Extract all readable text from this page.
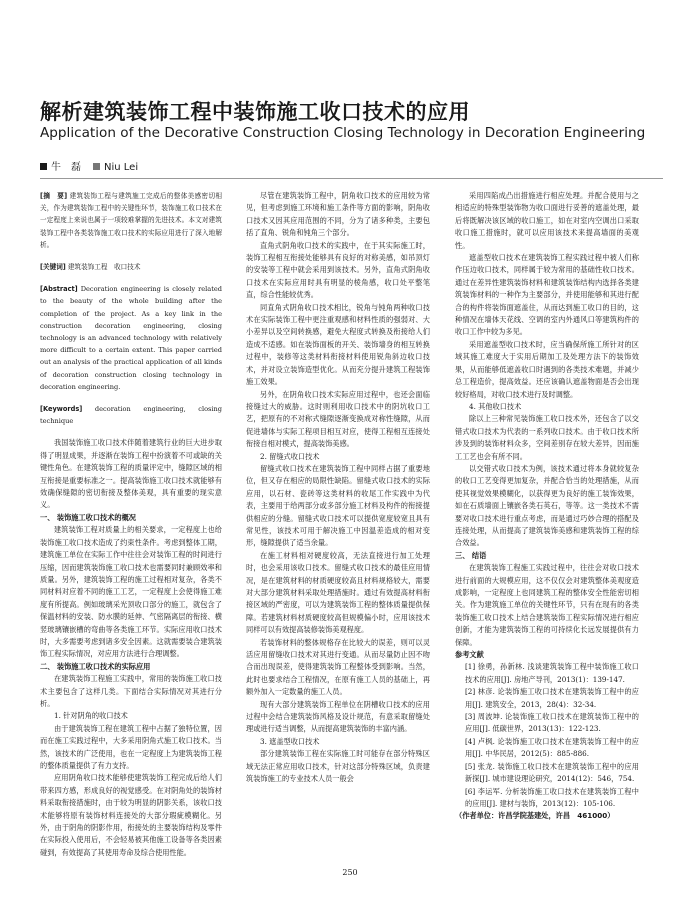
解析建筑装饰工程中装饰施工收口技术的应用
Application of the Decorative Construction Closing Technology in Decoration Engineering
牛　磊 Niu Lei

[摘　要] 建筑装饰工程与建筑施工完成后的整体美感密切相关，作为建筑装饰工程中的关键性环节，装饰施工收口技术在一定程度上来说也属于一项较难掌握的先进技术。本文对建筑装饰工程中各类装饰施工收口技术的实际应用进行了深入地解析。

[关键词] 建筑装饰工程　收口技术

[Abstract] Decoration engineering is closely related to the beauty of the whole building after the completion of the project. As a key link in the construction decoration engineering, closing technology is an advanced technology with relatively more difficult to a certain extent. This paper carried out an analysis of the practical application of all kinds of decoration construction closing technology in decoration engineering.

[Keywords] decoration engineering, closing technique

我国装饰施工收口技术伴随着建筑行业的巨大进步取得了明显成果，并逐渐在装饰工程中扮演着不可或缺的关键性角色。在建筑装饰工程的质量评定中，缝隙区域的相互衔接是重要标准之一。提高装饰施工收口技术就能够有效确保缝隙的密切衔接及整体美观，具有重要的现实意义。

一、 装饰施工收口技术的概况

建筑装饰工程对质量上的相关要求，一定程度上也给装饰施工收口技术造成了约束性条件。考虑到整体工期，建筑施工单位在实际工作中往往会对装饰工程的时间进行压缩，因而建筑装饰施工收口技术也需要同时兼顾效率和质量。另外，建筑装饰工程的施工过程相对复杂，各类不同材料对应着不同的施工工艺，一定程度上会使得施工难度有所提高。例如玻璃采光顶收口部分的施工，就包含了保温材料的安装、防水膜的延伸、气密隔离层的衔接、横竖玻璃镶嵌槽的弯曲等各类施工环节。实际应用收口技术时，大多需要考虑到诸多安全因素。这就需要装合建筑装饰工程实际情况，对应用方法进行合理调整。

二、 装饰施工收口技术的实际应用

在建筑装饰工程施工实践中，常用的装饰施工收口技术主要包含了这样几类。下面结合实际情况对其进行分析。

1. 针对阴角的收口技术

由于建筑装饰工程在建筑工程中占据了独特位置，因而在施工实践过程中，大多采用阴角式施工收口技术。当然，该技术的广泛使用，也在一定程度上为建筑装饰工程的整体质量提供了有力支持。

应用阴角收口技术能够使建筑装饰工程完成后给人们带来四方感，形成良好的视觉感受。在对阴角处的装饰材料采取衔接措施时，由于较为明显的阴影关系，该收口技术能够将原有装饰材料连接处的大部分瑕疵模糊化。另外，由于阴角的阴影作用，衔接处的主要装饰结构及零件在实际投入使用后，不会轻易被其他施工设备等各类因素碰到，有效提高了其使用寿命及综合使用性能。

尽管在建筑装饰工程中，阴角收口技术的应用较为常见，但考虑到施工环境和施工条件等方面的影响，阴角收口技术又因其应用范围的不同，分为了诸多种类，主要包括了直角、锐角和钝角三个部分。

直角式阴角收口技术的实践中，在于其实际施工时，装饰工程相互衔接处能够具有良好的对称美感，如吊顶灯的安装等工程中就会采用到该技术。另外，直角式阴角收口技术在实际应用时具有明显的棱角感，收口处平整笔直，综合性能较优秀。

同直角式阴角收口技术相比，锐角与钝角两种收口技术在实际装饰工程中更注重观感和材料性质的强弱对、大小差异以及空间转换感，避免大程度式转换及衔接给人们造成不适感。如在装饰面板的开关、装饰墙身的相互转换过程中，装修等这类材料衔接材料使用锐角斜边收口技术，并对设立装饰造型优化。从而充分提升建筑工程装饰施工效果。

另外，在阴角收口技术实际应用过程中，也还会面临接缝过大的威胁。这时则利用收口技术中的阴坑收口工艺，把原有的不对称式缝隙逐渐变换成对称性缝隙，从而促进墙体与实际工程项目相互对应，使得工程相互连接处衔接自相对模式，提高装饰美感。

2. 留缝式收口技术

留缝式收口技术在建筑装饰工程中同样占据了重要地位，但又存在相应的局限性缺陷。留缝式收口技术的实际应用，以石材、瓷砖等这类材料的收尾工作实践中为代表，主要用于给两部分或多部分施工材料及构件的衔接提供相应的分缝。留缝式收口技术可以提供宽度较宽且具有常见性，该技术可用于解决施工中因温差造成的相对变形，缝隙提供了适当余量。

在施工材料相对硬度较高，无法直接进行加工处理时，也会采用该收口技术。留缝式收口技术的最佳应用情况，是在建筑材料的材质硬度较高且材料规格较大，需要对大部分建筑材料采取处理措施时。通过有效提高材料衔接区域的严密度，可以为建筑装饰工程的整体质量提供保障。若建筑材料材质硬度较高但规模偏小时，应用该技术同样可以有效提高装修装饰美观程度。

若装饰材料的整体规格存在比较大的误差，则可以灵活应用留缝收口技术对其进行变通。从而尽量防止因不吻合而出现误差，使得建筑装饰工程整体受到影响。当然，此时也要求结合工程情况，在原有施工人员的基础上，再额外加入一定数量的施工人员。

现有大部分建筑装饰工程单位在阴槽收口技术的应用过程中会结合建筑装饰风格及设计规范，有意采取留缝处理或进行适当调整，从而提高建筑装饰的丰富内涵。

3. 遮盖型收口技术

部分建筑装饰工程在实际施工时可能存在部分特殊区域无法正常应用收口技术，针对这部分特殊区域，负责建筑装饰施工的专业技术人员一般会

采用四陷成凸出措施进行相应处理。并配合使用与之相适应的特殊型装饰物为收口面进行妥善的遮盖处理，最后将既解决该区域的收口施工，如在对室内空调出口采取收口施工措施时，就可以应用该技术来提高墙面的美观性。

遮盖型收口技术在建筑装饰工程实践过程中被人们称作压边收口技术，同样属于较为常用的基础性收口技术。通过在差异性建筑装饰材料和建筑装饰结构内选择各类建筑装饰材料的一种作为主要部分，并使用能够和其进行配合的构件将装饰面遮盖住，从而达到施工收口的目的，这种情况在墙体天花线、空调的室内外通风口等建筑构件的收口工作中较为多见。

采用遮盖型收口技术时，应当确保所施工所针对的区域其施工难度大于实用后期加工及处理方法下的装饰效果，从而能够低遮盖收口时遇到的各类技术难题，并减少总工程造价，提高效益。还应该确认遮盖物面是否会出现较好格局，对收口技术进行及时调整。

4. 其他收口技术

除以上三种常见装饰施工收口技术外，还包含了以交错式收口技术为代表的一系列收口技术。由于收口技术所涉及到的装饰材料众多，空间差别存在较大差异，因而施工工艺也会有所不同。

以交错式收口技术为例，该技术通过将本身就较复杂的收口工艺变得更加复杂，并配合恰当的处理措施，从而使其视觉效果模糊化，以获得更为良好的施工装饰效果，如在石质墙面上镶嵌各类石英石，等等。这一类技术不需要对收口技术进行重点考虑，而是通过巧妙合理的搭配及连接处理，从而提高了建筑装饰美感和建筑装饰工程的综合效益。

三、 结语

在建筑装饰工程施工实践过程中，往往会对收口技术进行前面的大规模应用，这不仅仅会对建筑整体美观度造成影响，一定程度上也同建筑工程的整体安全性能密切相关。作为建筑施工单位的关键性环节，只有在现有的各类装饰施工收口技术上结合建筑装饰工程实际情况进行相应创新，才能为建筑装饰工程的可持续化长远发展提供有力保障。

参考文献

[1] 徐勇，孙新林. 浅谈建筑装饰工程中装饰施工收口技术的应用[J]. 房地产导刊，2013(1)：139-147.

[2] 林彦. 论装饰施工收口技术在建筑装饰工程中的应用[J]. 建筑安全，2013，28(4)：32-34.

[3] 周波坤. 论装饰施工收口技术在建筑装饰工程中的应用[J]. 低碳世界，2013(13)：122-123.

[4] 卢枫. 论装饰施工收口技术在建筑装饰工程中的应用[J]. 中华民居，2012(5)：885-886.

[5] 张龙. 装饰施工收口技术在建筑装饰工程中的应用新探[J]. 城市建设理论研究，2014(12)：546，754.

[6] 李运军. 分析装饰施工收口技术在建筑装饰工程中的应用[J]. 建材与装饰，2013(12)：105-106.

（作者单位：许昌学院基建处，许昌　461000）

250
